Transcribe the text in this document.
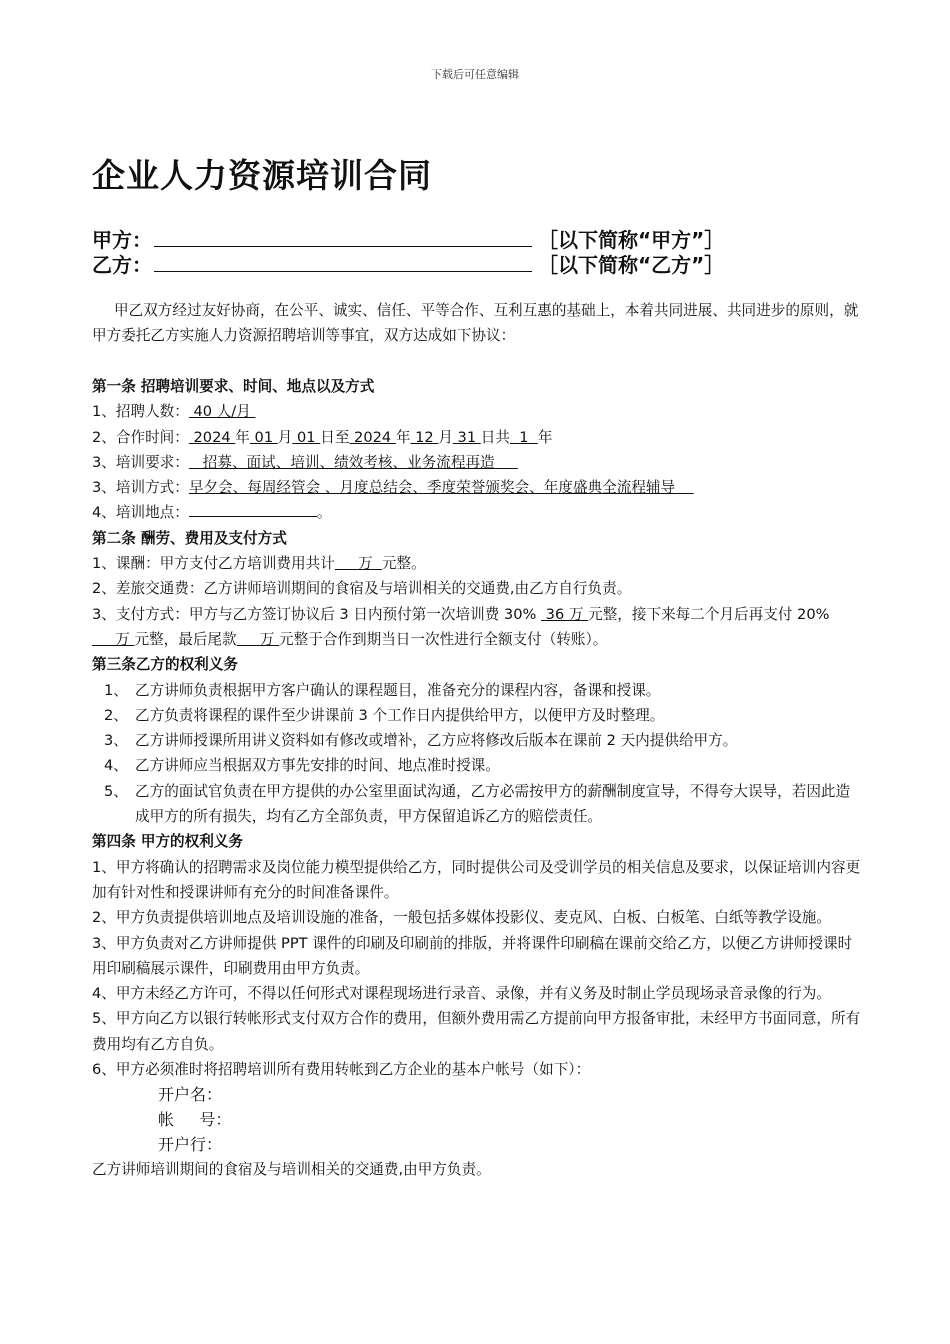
下载后可任意编辑
企业人力资源培训合同
甲方：	［以下简称“甲方”］
乙方：	［以下简称“乙方”］

甲乙双方经过友好协商，在公平、诚实、信任、平等合作、互利互惠的基础上，本着共同进展、共同进步的原则，就甲方委托乙方实施人力资源招聘培训等事宜，双方达成如下协议：

第一条 招聘培训要求、时间、地点以及方式

1、招聘人数： 40 人/月

2、合作时间： 2024 年 01 月 01 日至 2024 年 12 月 31 日共  1  年

3、培训要求：   招募、面试、培训、绩效考核、业务流程再造

3、培训方式：早夕会、每周经管会 、月度总结会、季度荣誉颁奖会、年度盛典全流程辅导

4、培训地点：	。

第二条 酬劳、费用及支付方式

1、课酬：甲方支付乙方培训费用共计     万  元整。

2、差旅交通费：乙方讲师培训期间的食宿及与培训相关的交通费,由乙方自行负责。

3、支付方式：甲方与乙方签订协议后 3 日内预付第一次培训费 30%  36 万 元整，接下来每二个月后再支付 20%      万 元整，最后尾款     万 元整于合作到期当日一次性进行全额支付（转账）。

第三条乙方的权利义务

1、 乙方讲师负责根据甲方客户确认的课程题目，准备充分的课程内容，备课和授课。

2、 乙方负责将课程的课件至少讲课前 3 个工作日内提供给甲方，以便甲方及时整理。

3、 乙方讲师授课所用讲义资料如有修改或增补，乙方应将修改后版本在课前 2 天内提供给甲方。

4、 乙方讲师应当根据双方事先安排的时间、地点准时授课。

5、 乙方的面试官负责在甲方提供的办公室里面试沟通，乙方必需按甲方的薪酬制度宣导，不得夸大误导，若因此造成甲方的所有损失，均有乙方全部负责，甲方保留追诉乙方的赔偿责任。

第四条 甲方的权利义务

1、甲方将确认的招聘需求及岗位能力模型提供给乙方，同时提供公司及受训学员的相关信息及要求，以保证培训内容更加有针对性和授课讲师有充分的时间准备课件。

2、甲方负责提供培训地点及培训设施的准备，一般包括多媒体投影仪、麦克风、白板、白板笔、白纸等教学设施。

3、甲方负责对乙方讲师提供 PPT 课件的印刷及印刷前的排版，并将课件印刷稿在课前交给乙方，以便乙方讲师授课时用印刷稿展示课件，印刷费用由甲方负责。

4、甲方未经乙方许可，不得以任何形式对课程现场进行录音、录像，并有义务及时制止学员现场录音录像的行为。

5、甲方向乙方以银行转帐形式支付双方合作的费用，但额外费用需乙方提前向甲方报备审批，未经甲方书面同意，所有费用均有乙方自负。

6、甲方必须准时将招聘培训所有费用转帐到乙方企业的基本户帐号（如下）：

开户名：

帐     号：

开户行：

乙方讲师培训期间的食宿及与培训相关的交通费,由甲方负责。
